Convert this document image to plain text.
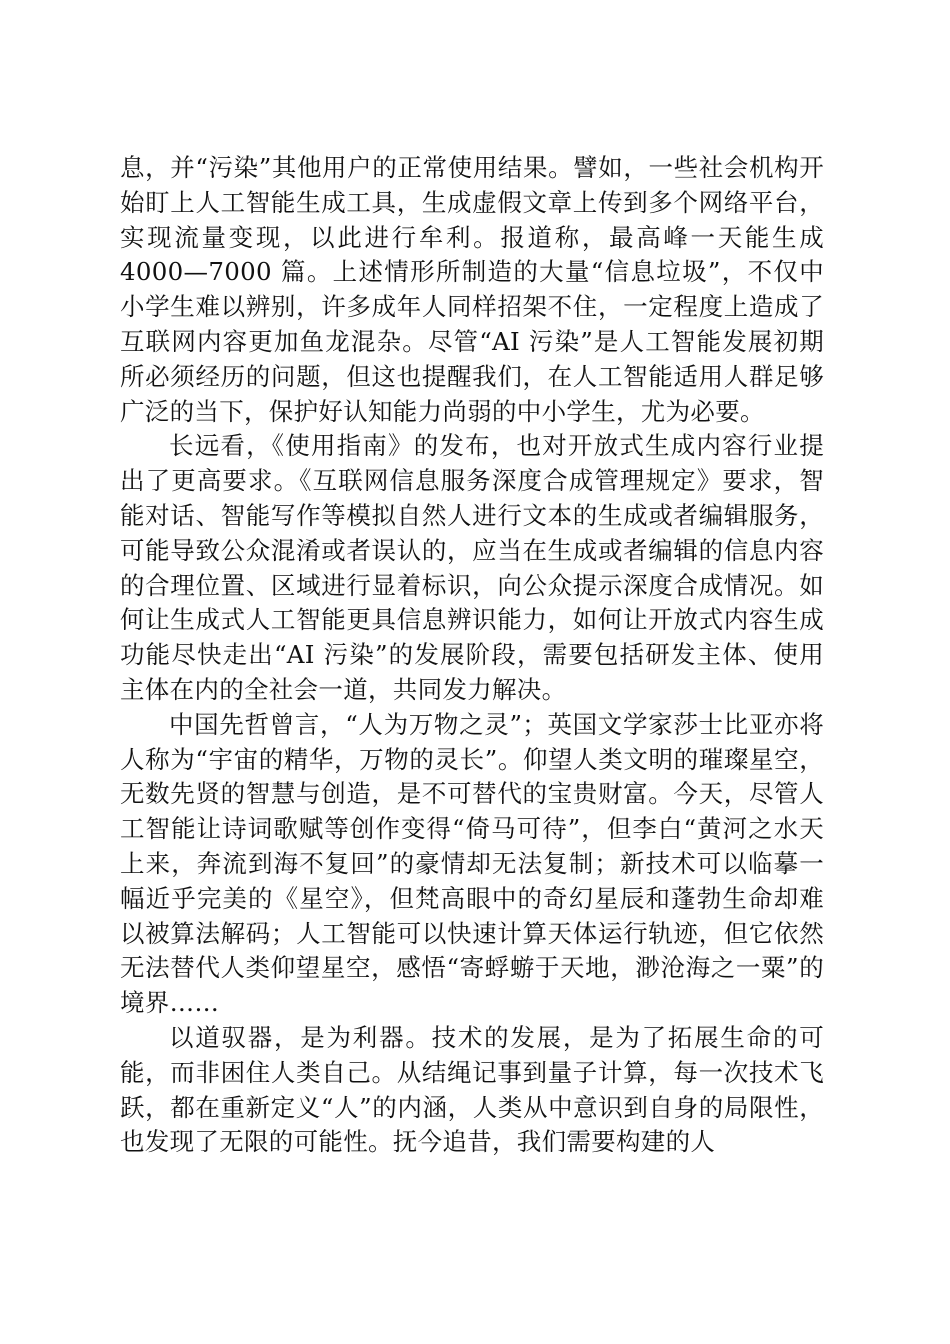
息，并“污染”其他用户的正常使用结果。譬如，一些社会机构开始盯上人工智能生成工具，生成虚假文章上传到多个网络平台，实现流量变现，以此进行牟利。报道称，最高峰一天能生成 4000—7000 篇。上述情形所制造的大量“信息垃圾”，不仅中小学生难以辨别，许多成年人同样招架不住，一定程度上造成了互联网内容更加鱼龙混杂。尽管“AI 污染”是人工智能发展初期所必须经历的问题，但这也提醒我们，在人工智能适用人群足够广泛的当下，保护好认知能力尚弱的中小学生，尤为必要。

长远看，《使用指南》的发布，也对开放式生成内容行业提出了更高要求。《互联网信息服务深度合成管理规定》要求，智能对话、智能写作等模拟自然人进行文本的生成或者编辑服务，可能导致公众混淆或者误认的，应当在生成或者编辑的信息内容的合理位置、区域进行显着标识，向公众提示深度合成情况。如何让生成式人工智能更具信息辨识能力，如何让开放式内容生成功能尽快走出“AI 污染”的发展阶段，需要包括研发主体、使用主体在内的全社会一道，共同发力解决。

中国先哲曾言，“人为万物之灵”；英国文学家莎士比亚亦将人称为“宇宙的精华，万物的灵长”。仰望人类文明的璀璨星空，无数先贤的智慧与创造，是不可替代的宝贵财富。今天，尽管人工智能让诗词歌赋等创作变得“倚马可待”，但李白“黄河之水天上来，奔流到海不复回”的豪情却无法复制；新技术可以临摹一幅近乎完美的《星空》，但梵高眼中的奇幻星辰和蓬勃生命却难以被算法解码；人工智能可以快速计算天体运行轨迹，但它依然无法替代人类仰望星空，感悟“寄蜉蝣于天地，渺沧海之一粟”的境界……

以道驭器，是为利器。技术的发展，是为了拓展生命的可能，而非困住人类自己。从结绳记事到量子计算，每一次技术飞跃，都在重新定义“人”的内涵，人类从中意识到自身的局限性，也发现了无限的可能性。抚今追昔，我们需要构建的人
